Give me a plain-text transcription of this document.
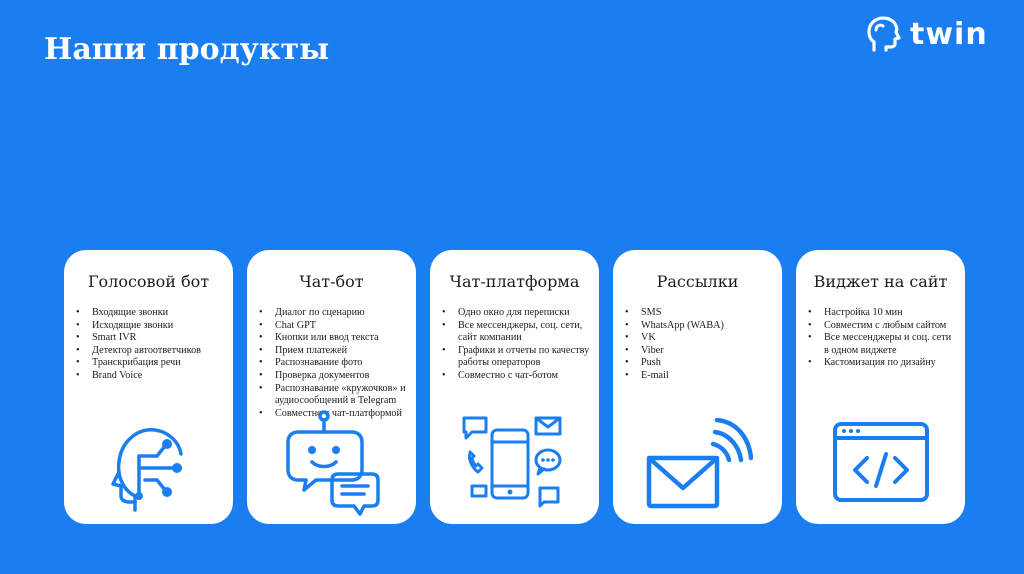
Наши продукты	twin
Голосовой бот
• Входящие звонки
• Исходящие звонки
• Smart IVR
• Детектор автоответчиков
• Транскрибация речи
• Brand Voice
Чат-бот
• Диалог по сценарию
• Chat GPT
• Кнопки или ввод текста
• Прием платежей
• Распознавание фото
• Проверка документов
• Распознавание «кружочков» и аудиосообщений в Telegram
• Совместно с чат-платформой
Чат-платформа
• Одно окно для переписки
• Все мессенджеры, соц. сети, сайт компании
• Графики и отчеты по качеству работы операторов
• Совместно с чат-ботом
Рассылки
• SMS
• WhatsApp (WABA)
• VK
• Viber
• Push
• E-mail
Виджет на сайт
• Настройка 10 мин
• Совместим с любым сайтом
• Все мессенджеры и соц. сети в одном виджете
• Кастомизация по дизайну
